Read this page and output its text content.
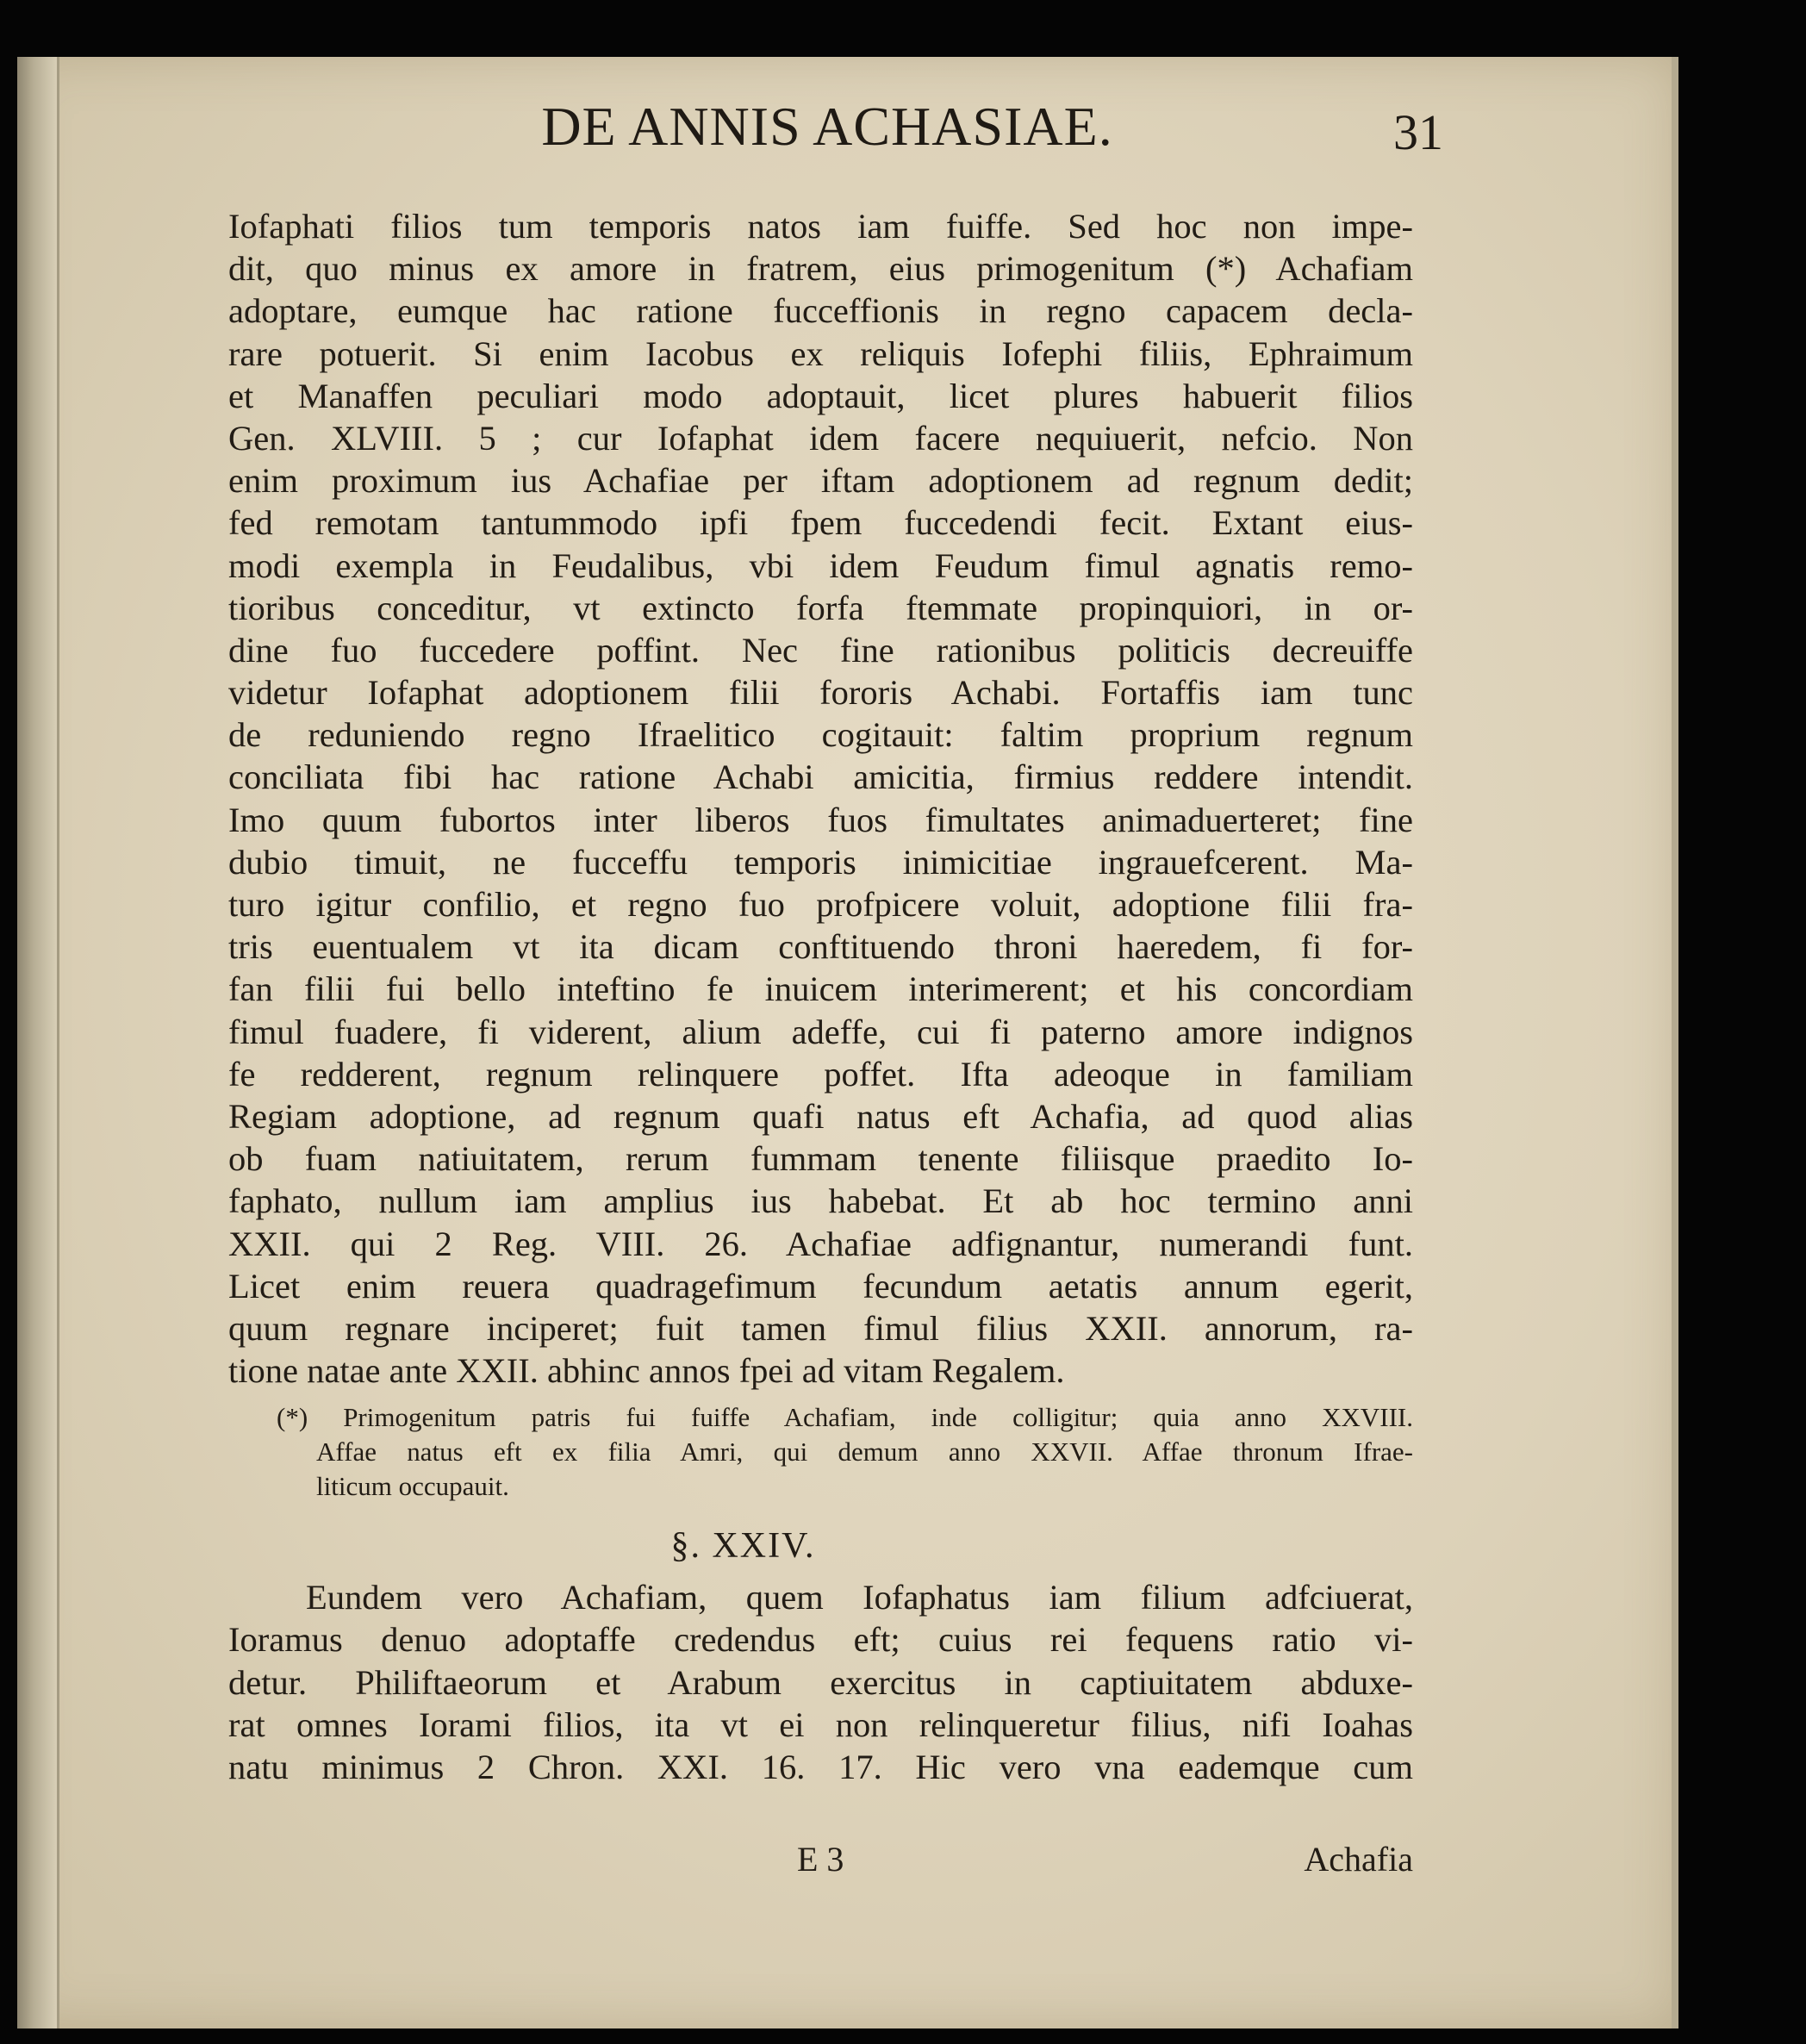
DE ANNIS ACHASIAE.	31
Iofaphati filios tum temporis natos iam fuiffe. Sed hoc non impe-
dit, quo minus ex amore in fratrem, eius primogenitum (*) Achafiam
adoptare, eumque hac ratione fucceffionis in regno capacem decla-
rare potuerit. Si enim Iacobus ex reliquis Iofephi filiis, Ephraimum
et Manaffen peculiari modo adoptauit, licet plures habuerit filios
Gen. XLVIII. 5 ; cur Iofaphat idem facere nequiuerit, nefcio. Non
enim proximum ius Achafiae per iftam adoptionem ad regnum dedit;
fed remotam tantummodo ipfi fpem fuccedendi fecit. Extant eius-
modi exempla in Feudalibus, vbi idem Feudum fimul agnatis remo-
tioribus conceditur, vt extincto forfa ftemmate propinquiori, in or-
dine fuo fuccedere poffint. Nec fine rationibus politicis decreuiffe
videtur Iofaphat adoptionem filii fororis Achabi. Fortaffis iam tunc
de reduniendo regno Ifraelitico cogitauit: faltim proprium regnum
conciliata fibi hac ratione Achabi amicitia, firmius reddere intendit.
Imo quum fubortos inter liberos fuos fimultates animaduerteret; fine
dubio timuit, ne fucceffu temporis inimicitiae ingrauefcerent. Ma-
turo igitur confilio, et regno fuo profpicere voluit, adoptione filii fra-
tris euentualem vt ita dicam conftituendo throni haeredem, fi for-
fan filii fui bello inteftino fe inuicem interimerent; et his concordiam
fimul fuadere, fi viderent, alium adeffe, cui fi paterno amore indignos
fe redderent, regnum relinquere poffet. Ifta adeoque in familiam
Regiam adoptione, ad regnum quafi natus eft Achafia, ad quod alias
ob fuam natiuitatem, rerum fummam tenente filiisque praedito Io-
faphato, nullum iam amplius ius habebat. Et ab hoc termino anni
XXII. qui 2 Reg. VIII. 26. Achafiae adfignantur, numerandi funt.
Licet enim reuera quadragefimum fecundum aetatis annum egerit,
quum regnare inciperet; fuit tamen fimul filius XXII. annorum, ra-
tione natae ante XXII. abhinc annos fpei ad vitam Regalem.
(*) Primogenitum patris fui fuiffe Achafiam, inde colligitur; quia anno XXVIII.
Affae natus eft ex filia Amri, qui demum anno XXVII. Affae thronum Ifrae-
liticum occupauit.
§. XXIV.
Eundem vero Achafiam, quem Iofaphatus iam filium adfciuerat,
Ioramus denuo adoptaffe credendus eft; cuius rei fequens ratio vi-
detur. Philiftaeorum et Arabum exercitus in captiuitatem abduxe-
rat omnes Iorami filios, ita vt ei non relinqueretur filius, nifi Ioahas
natu minimus 2 Chron. XXI. 16. 17. Hic vero vna eademque cum
E 3	Achafia
